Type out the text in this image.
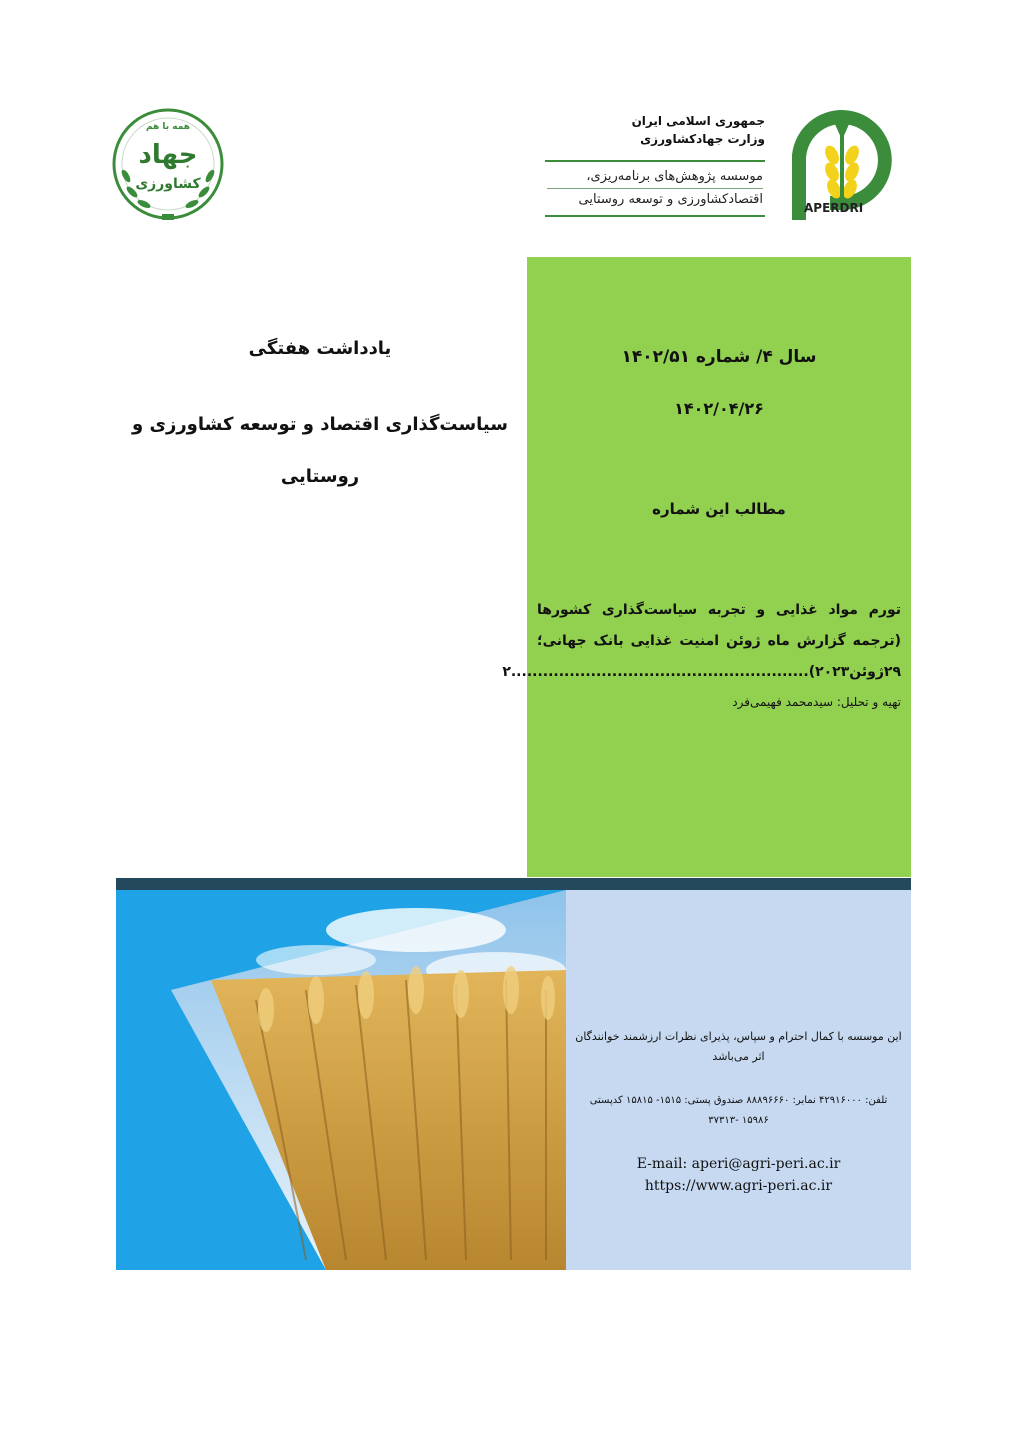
همه با هم
جهاد
کشاورزی
جمهوری اسلامی ایران
وزارت جهادکشاورزی
موسسه پژوهش‌های برنامه‌ریزی،
اقتصادکشاورزی و توسعه روستایی
APERDRI
یادداشت هفتگی
سیاست‌گذاری اقتصاد و توسعه کشاورزی و روستایی
سال ۴/ شماره ۱۴۰۲/۵۱
۱۴۰۲/۰۴/۲۶
مطالب این شماره
تورم مواد غذایی و تجربه سیاست‌گذاری کشورها (ترجمه گزارش ماه ژوئن امنیت غذایی بانک جهانی؛۲۹ژوئن۲۰۲۳)........................................................۲
تهیه و تحلیل: سیدمحمد فهیمی‌فرد
این موسسه با کمال احترام و سپاس، پذیرای نظرات ارزشمند خوانندگان
اثر می‌باشد
تلفن: ۴۲۹۱۶۰۰۰ نمابر: ۸۸۸۹۶۶۶۰ صندوق پستی: ۱۵۱۵- ۱۵۸۱۵ کدپستی
۱۵۹۸۶ -۳۷۳۱۳
E-mail: aperi@agri-peri.ac.ir
https://www.agri-peri.ac.ir
